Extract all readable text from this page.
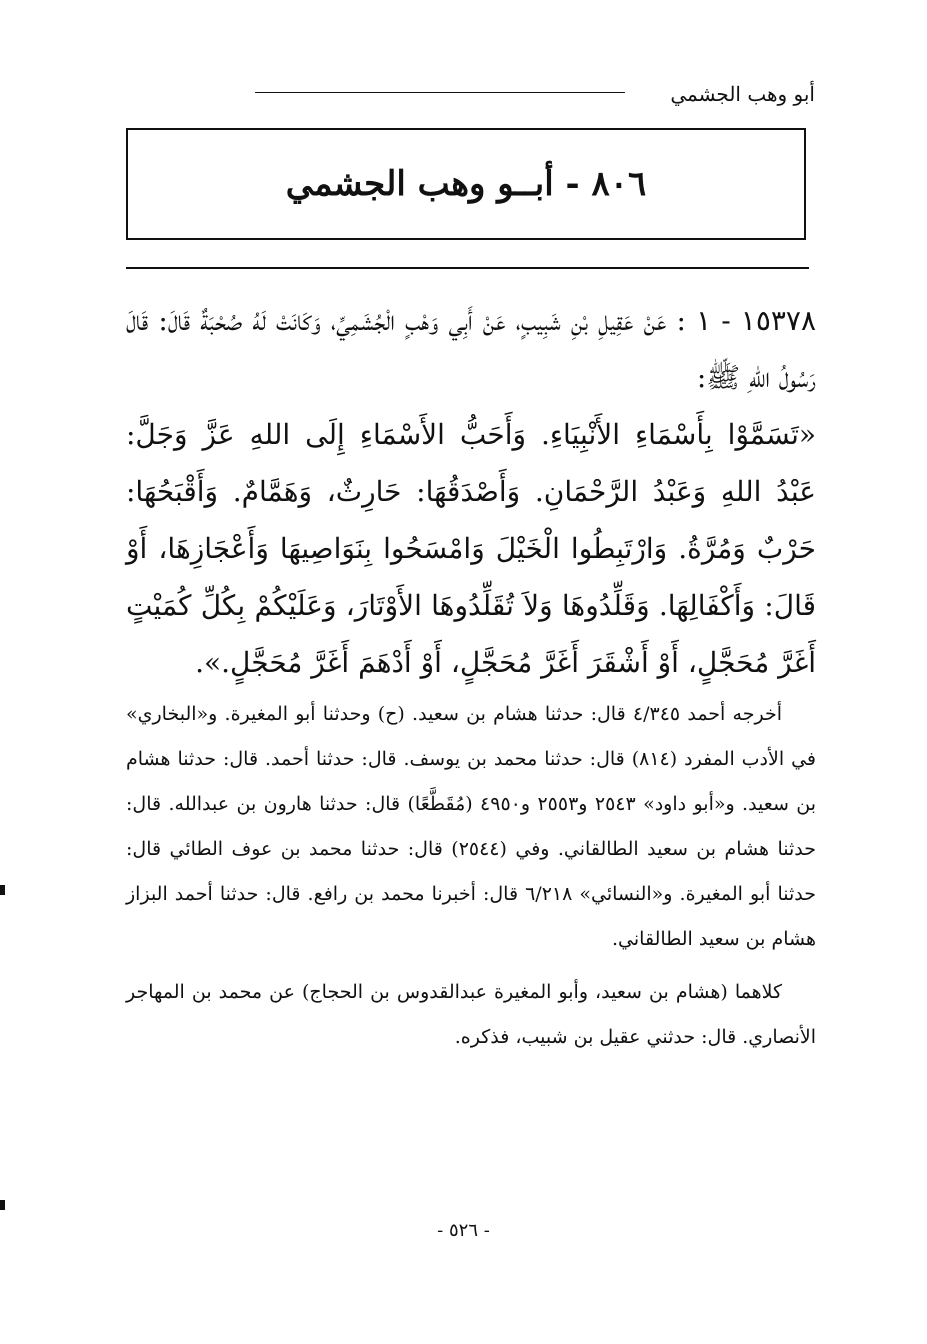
أبو وهب الجشمي
٨٠٦ - أبــو وهب الجشمي

١٥٣٧٨ - ١ : عَنْ عَقِيلِ بْنِ شَبِيبٍ، عَنْ أَبِي وَهْبٍ الْجُشَمِيِّ، وَكَانَتْ لَهُ صُحْبَةٌ قَالَ: قَالَ رَسُولُ اللهِ ﷺ:

«تَسَمَّوْا بِأَسْمَاءِ الأَنْبِيَاءِ. وَأَحَبُّ الأَسْمَاءِ إِلَى اللهِ عَزَّ وَجَلَّ: عَبْدُ اللهِ وَعَبْدُ الرَّحْمَانِ. وَأَصْدَقُهَا: حَارِثٌ، وَهَمَّامٌ. وَأَقْبَحُهَا: حَرْبٌ وَمُرَّةُ. وَارْتَبِطُوا الْخَيْلَ وَامْسَحُوا بِنَوَاصِيهَا وَأَعْجَازِهَا، أَوْ قَالَ: وَأَكْفَالِهَا. وَقَلِّدُوهَا وَلاَ تُقَلِّدُوهَا الأَوْتَارَ، وَعَلَيْكُمْ بِكُلِّ كُمَيْتٍ أَغَرَّ مُحَجَّلٍ، أَوْ أَشْقَرَ أَغَرَّ مُحَجَّلٍ، أَوْ أَدْهَمَ أَغَرَّ مُحَجَّلٍ.».

أخرجه أحمد ٤/٣٤٥ قال: حدثنا هشام بن سعيد. (ح) وحدثنا أبو المغيرة. و«البخاري» في الأدب المفرد (٨١٤) قال: حدثنا محمد بن يوسف. قال: حدثنا أحمد. قال: حدثنا هشام بن سعيد. و«أبو داود» ٢٥٤٣ و٢٥٥٣ و٤٩٥٠ (مُقَطَّعًا) قال: حدثنا هارون بن عبدالله. قال: حدثنا هشام بن سعيد الطالقاني. وفي (٢٥٤٤) قال: حدثنا محمد بن عوف الطائي قال: حدثنا أبو المغيرة. و«النسائي» ٦/٢١٨ قال: أخبرنا محمد بن رافع. قال: حدثنا أحمد البزاز هشام بن سعيد الطالقاني.

كلاهما (هشام بن سعيد، وأبو المغيرة عبدالقدوس بن الحجاج) عن محمد بن المهاجر الأنصاري. قال: حدثني عقيل بن شبيب، فذكره.

- ٥٢٦ -
